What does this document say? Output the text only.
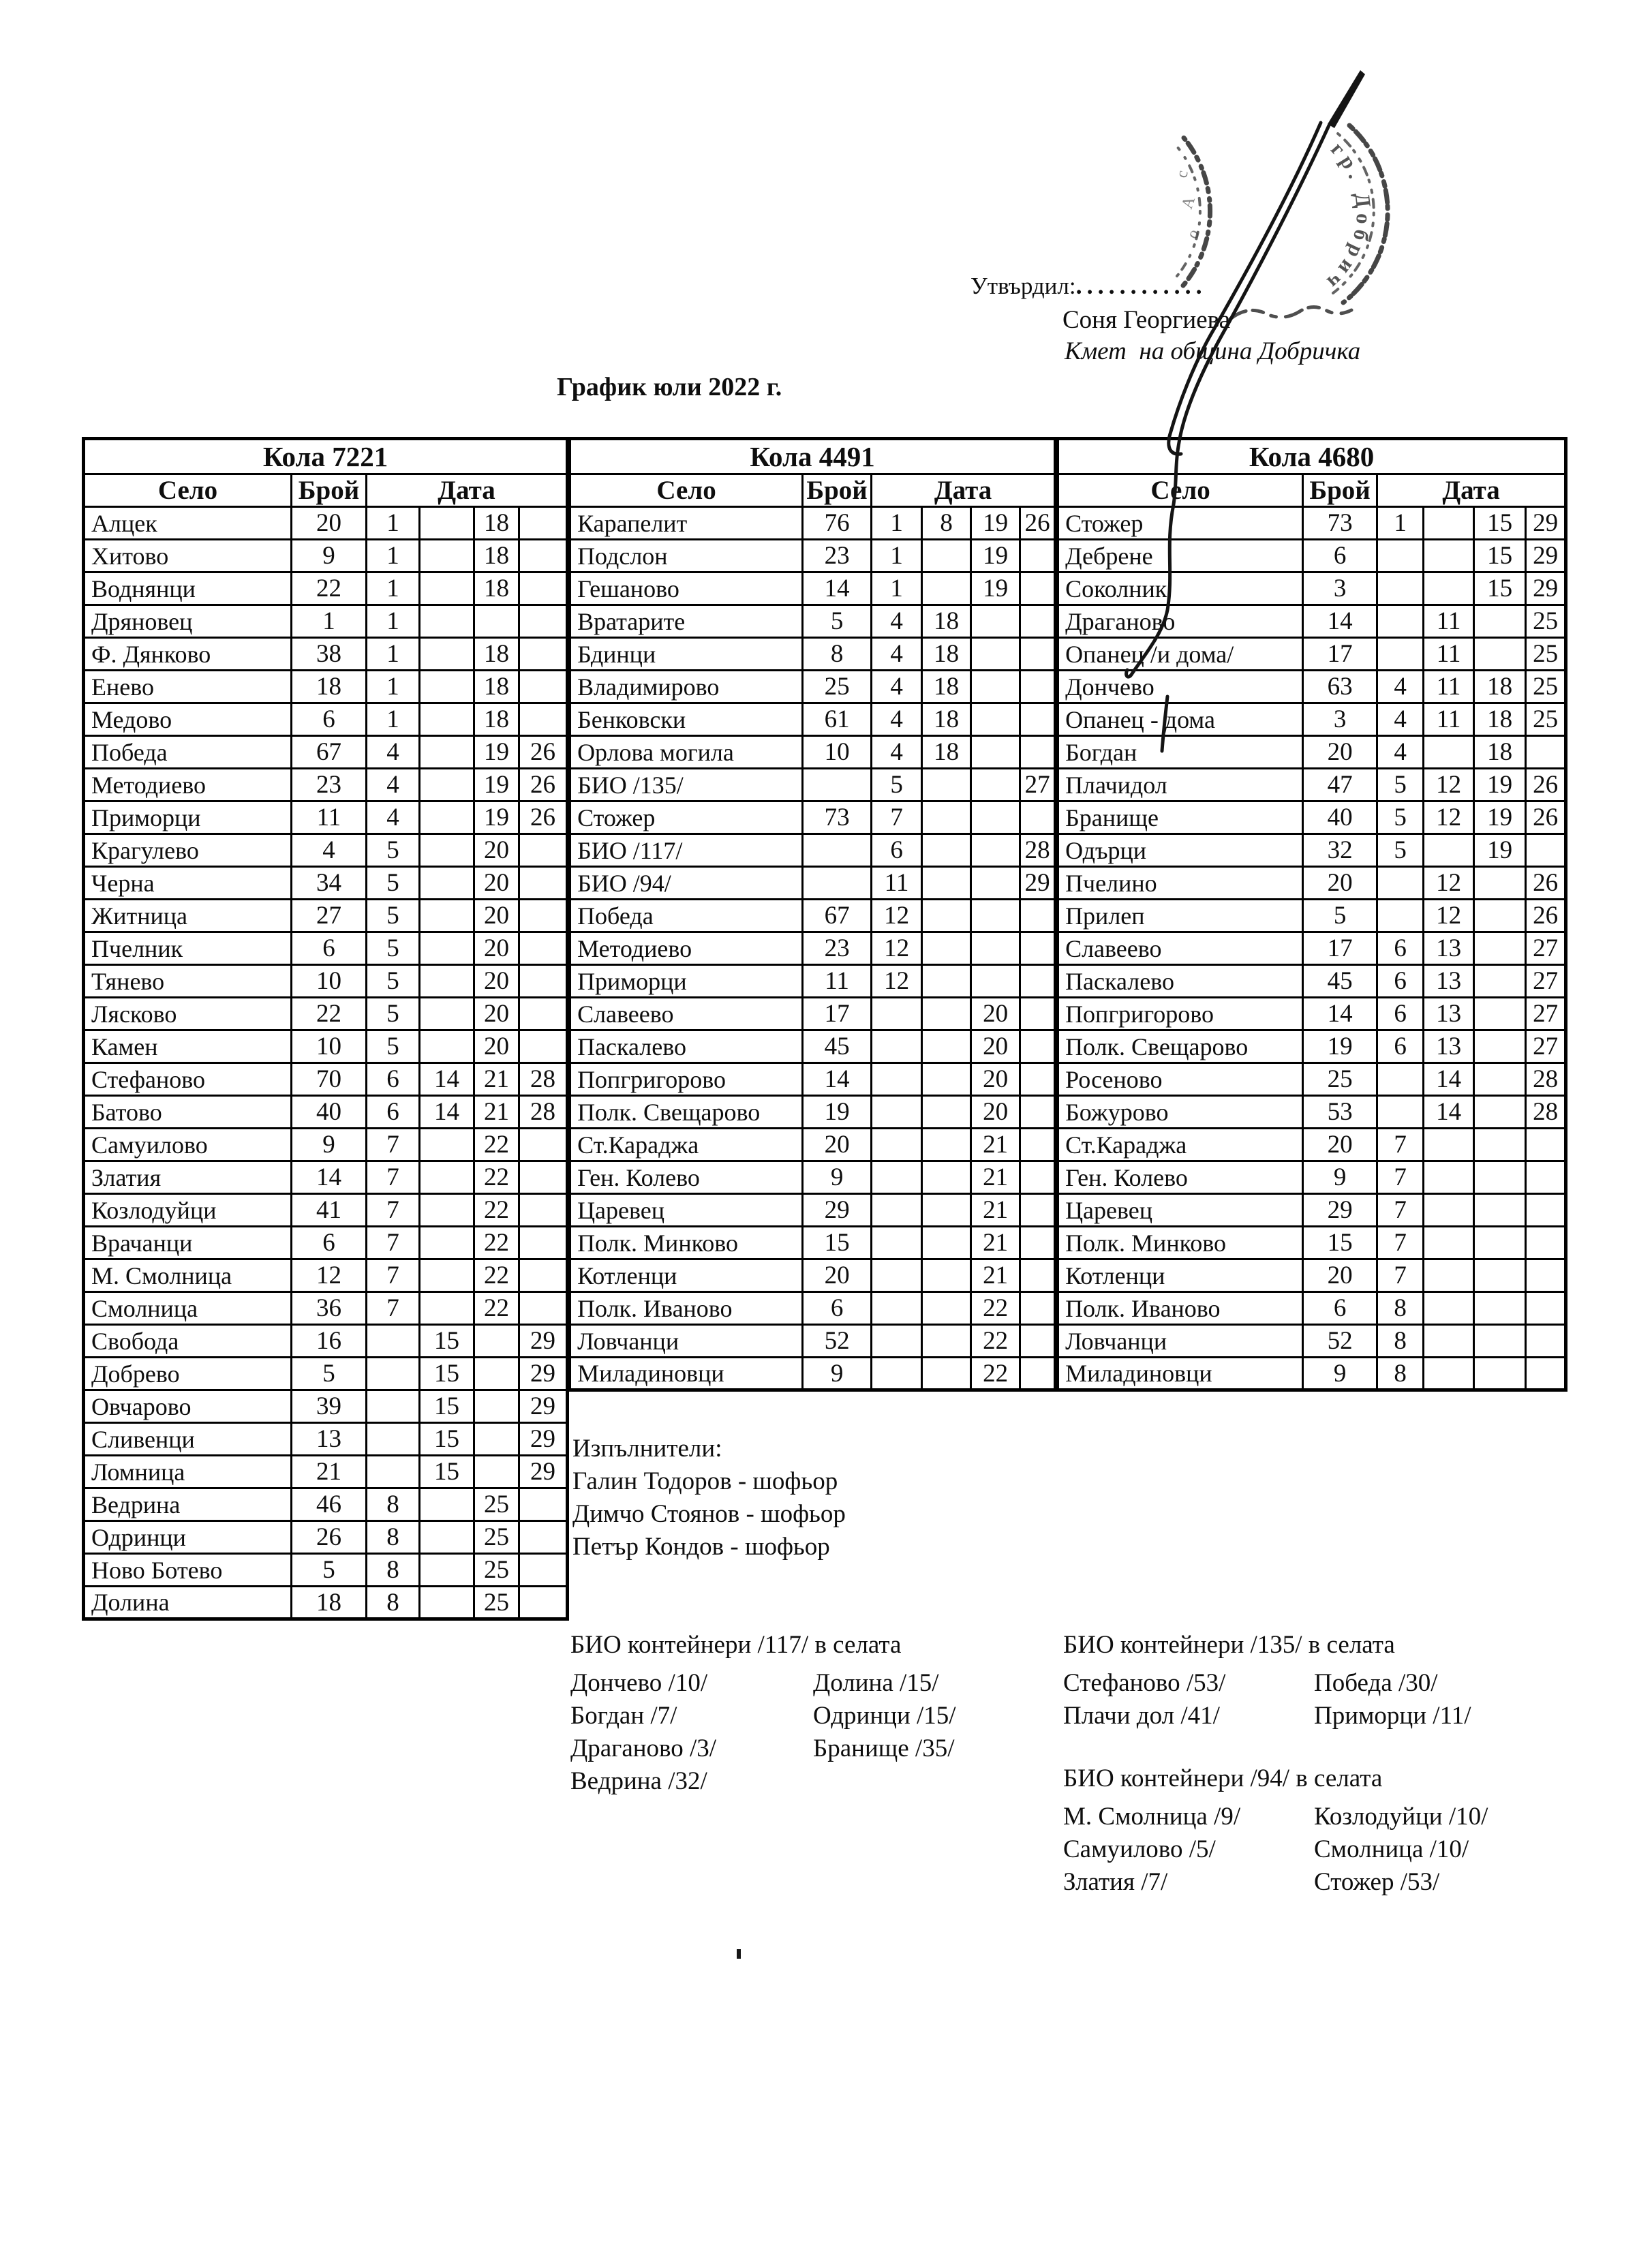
Утвърдил:............
Соня Георгиева
Кмет  на община Добричка
График юли 2022 г.
Кола 7221					
Село	Брой	Дата			
Алцек	20	1		18	
Хитово	9	1		18	
Воднянци	22	1		18	
Дряновец	1	1			
Ф. Дянково	38	1		18	
Енево	18	1		18	
Медово	6	1		18	
Победа	67	4		19	26
Методиево	23	4		19	26
Приморци	11	4		19	26
Крагулево	4	5		20	
Черна	34	5		20	
Житница	27	5		20	
Пчелник	6	5		20	
Тянево	10	5		20	
Лясково	22	5		20	
Камен	10	5		20	
Стефаново	70	6	14	21	28
Батово	40	6	14	21	28
Самуилово	9	7		22	
Златия	14	7		22	
Козлодуйци	41	7		22	
Врачанци	6	7		22	
М. Смолница	12	7		22	
Смолница	36	7		22	
Свобода	16		15		29
Добрево	5		15		29
Овчарово	39		15		29
Сливенци	13		15		29
Ломница	21		15		29
Ведрина	46	8		25	
Одринци	26	8		25	
Ново Ботево	5	8		25	
Долина	18	8		25	
Кола 4491					
Село	Брой	Дата			
Карапелит	76	1	8	19	26
Подслон	23	1		19	
Гешаново	14	1		19	
Вратарите	5	4	18		
Бдинци	8	4	18		
Владимирово	25	4	18		
Бенковски	61	4	18		
Орлова могила	10	4	18		
БИО /135/		5			27
Стожер	73	7			
БИО /117/		6			28
БИО /94/		11			29
Победа	67	12			
Методиево	23	12			
Приморци	11	12			
Славеево	17			20	
Паскалево	45			20	
Попгригорово	14			20	
Полк. Свещарово	19			20	
Ст.Караджа	20			21	
Ген. Колево	9			21	
Царевец	29			21	
Полк. Минково	15			21	
Котленци	20			21	
Полк. Иваново	6			22	
Ловчанци	52			22	
Миладиновци	9			22	
Кола 4680					
Село	Брой	Дата			
Стожер	73	1		15	29
Дебрене	6			15	29
Соколник	3			15	29
Драганово	14		11		25
Опанец /и дома/	17		11		25
Дончево	63	4	11	18	25
Опанец - дома	3	4	11	18	25
Богдан	20	4		18	
Плачидол	47	5	12	19	26
Бранище	40	5	12	19	26
Одърци	32	5		19	
Пчелино	20		12		26
Прилеп	5		12		26
Славеево	17	6	13		27
Паскалево	45	6	13		27
Попгригорово	14	6	13		27
Полк. Свещарово	19	6	13		27
Росеново	25		14		28
Божурово	53		14		28
Ст.Караджа	20	7			
Ген. Колево	9	7			
Царевец	29	7			
Полк. Минково	15	7			
Котленци	20	7			
Полк. Иваново	6	8			
Ловчанци	52	8			
Миладиновци	9	8			
Изпълнители:
Галин Тодоров - шофьор
Димчо Стоянов - шофьор
Петър Кондов - шофьор
БИО контейнери /117/ в селата
Дончево /10/
Богдан /7/
Драганово /3/
Ведрина /32/
Долина /15/
Одринци /15/
Бранище /35/
БИО контейнери /135/ в селата
Стефаново /53/
Плачи дол /41/
Победа /30/
Приморци /11/
БИО контейнери /94/ в селата
М. Смолница /9/
Самуилово /5/
Златия /7/
Козлодуйци /10/
Смолница /10/
Стожер /53/
гр. Добрич
с
А
о
